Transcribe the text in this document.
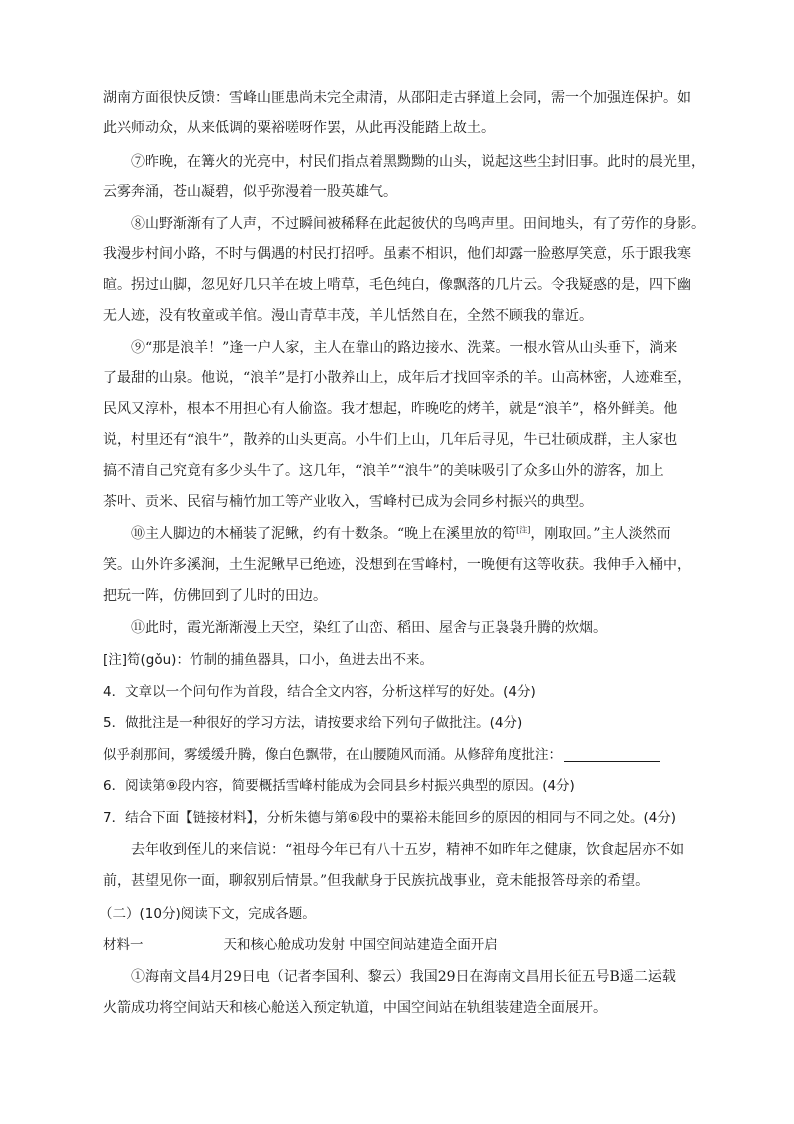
湖南方面很快反馈：雪峰山匪患尚未完全肃清，从邵阳走古驿道上会同，需一个加强连保护。如
此兴师动众，从来低调的粟裕嗟呀作罢，从此再没能踏上故土。
⑦昨晚，在篝火的光亮中，村民们指点着黑黝黝的山头，说起这些尘封旧事。此时的晨光里，
云雾奔涌，苍山凝碧，似乎弥漫着一股英雄气。
⑧山野渐渐有了人声，不过瞬间被稀释在此起彼伏的鸟鸣声里。田间地头，有了劳作的身影。
我漫步村间小路，不时与偶遇的村民打招呼。虽素不相识，他们却露一脸憨厚笑意，乐于跟我寒
暄。拐过山脚，忽见好几只羊在坡上啃草，毛色纯白，像飘落的几片云。令我疑惑的是，四下幽
无人迹，没有牧童或羊倌。漫山青草丰茂，羊儿恬然自在，全然不顾我的靠近。
⑨“那是浪羊！”逢一户人家，主人在靠山的路边接水、洗菜。一根水管从山头垂下，淌来
了最甜的山泉。他说，“浪羊”是打小散养山上，成年后才找回宰杀的羊。山高林密，人迹难至，
民风又淳朴，根本不用担心有人偷盗。我才想起，昨晚吃的烤羊，就是“浪羊”，格外鲜美。他
说，村里还有“浪牛”，散养的山头更高。小牛们上山，几年后寻见，牛已壮硕成群，主人家也
搞不清自己究竟有多少头牛了。这几年，“浪羊”“浪牛”的美味吸引了众多山外的游客，加上
茶叶、贡米、民宿与楠竹加工等产业收入，雪峰村已成为会同乡村振兴的典型。
⑩主人脚边的木桶装了泥鳅，约有十数条。“晚上在溪里放的笱[注]，刚取回。”主人淡然而
笑。山外许多溪涧，土生泥鳅早已绝迹，没想到在雪峰村，一晚便有这等收获。我伸手入桶中，
把玩一阵，仿佛回到了儿时的田边。
⑪此时，霞光渐渐漫上天空，染红了山峦、稻田、屋舍与正袅袅升腾的炊烟。
[注]笱(gǒu)：竹制的捕鱼器具，口小，鱼进去出不来。
4．文章以一个问句作为首段，结合全文内容，分析这样写的好处。(4分)
5．做批注是一种很好的学习方法，请按要求给下列句子做批注。(4分)
似乎刹那间，雾缓缓升腾，像白色飘带，在山腰随风而涌。从修辞角度批注：
6．阅读第⑨段内容，简要概括雪峰村能成为会同县乡村振兴典型的原因。(4分)
7．结合下面【链接材料】，分析朱德与第⑥段中的粟裕未能回乡的原因的相同与不同之处。(4分)
去年收到侄儿的来信说：“祖母今年已有八十五岁，精神不如昨年之健康，饮食起居亦不如
前，甚望见你一面，聊叙别后情景。”但我献身于民族抗战事业，竟未能报答母亲的希望。
（二）(10分)阅读下文，完成各题。
材料一	天和核心舱成功发射 中国空间站建造全面开启
①海南文昌4月29日电（记者李国利、黎云）我国29日在海南文昌用长征五号B遥二运载
火箭成功将空间站天和核心舱送入预定轨道，中国空间站在轨组装建造全面展开。
